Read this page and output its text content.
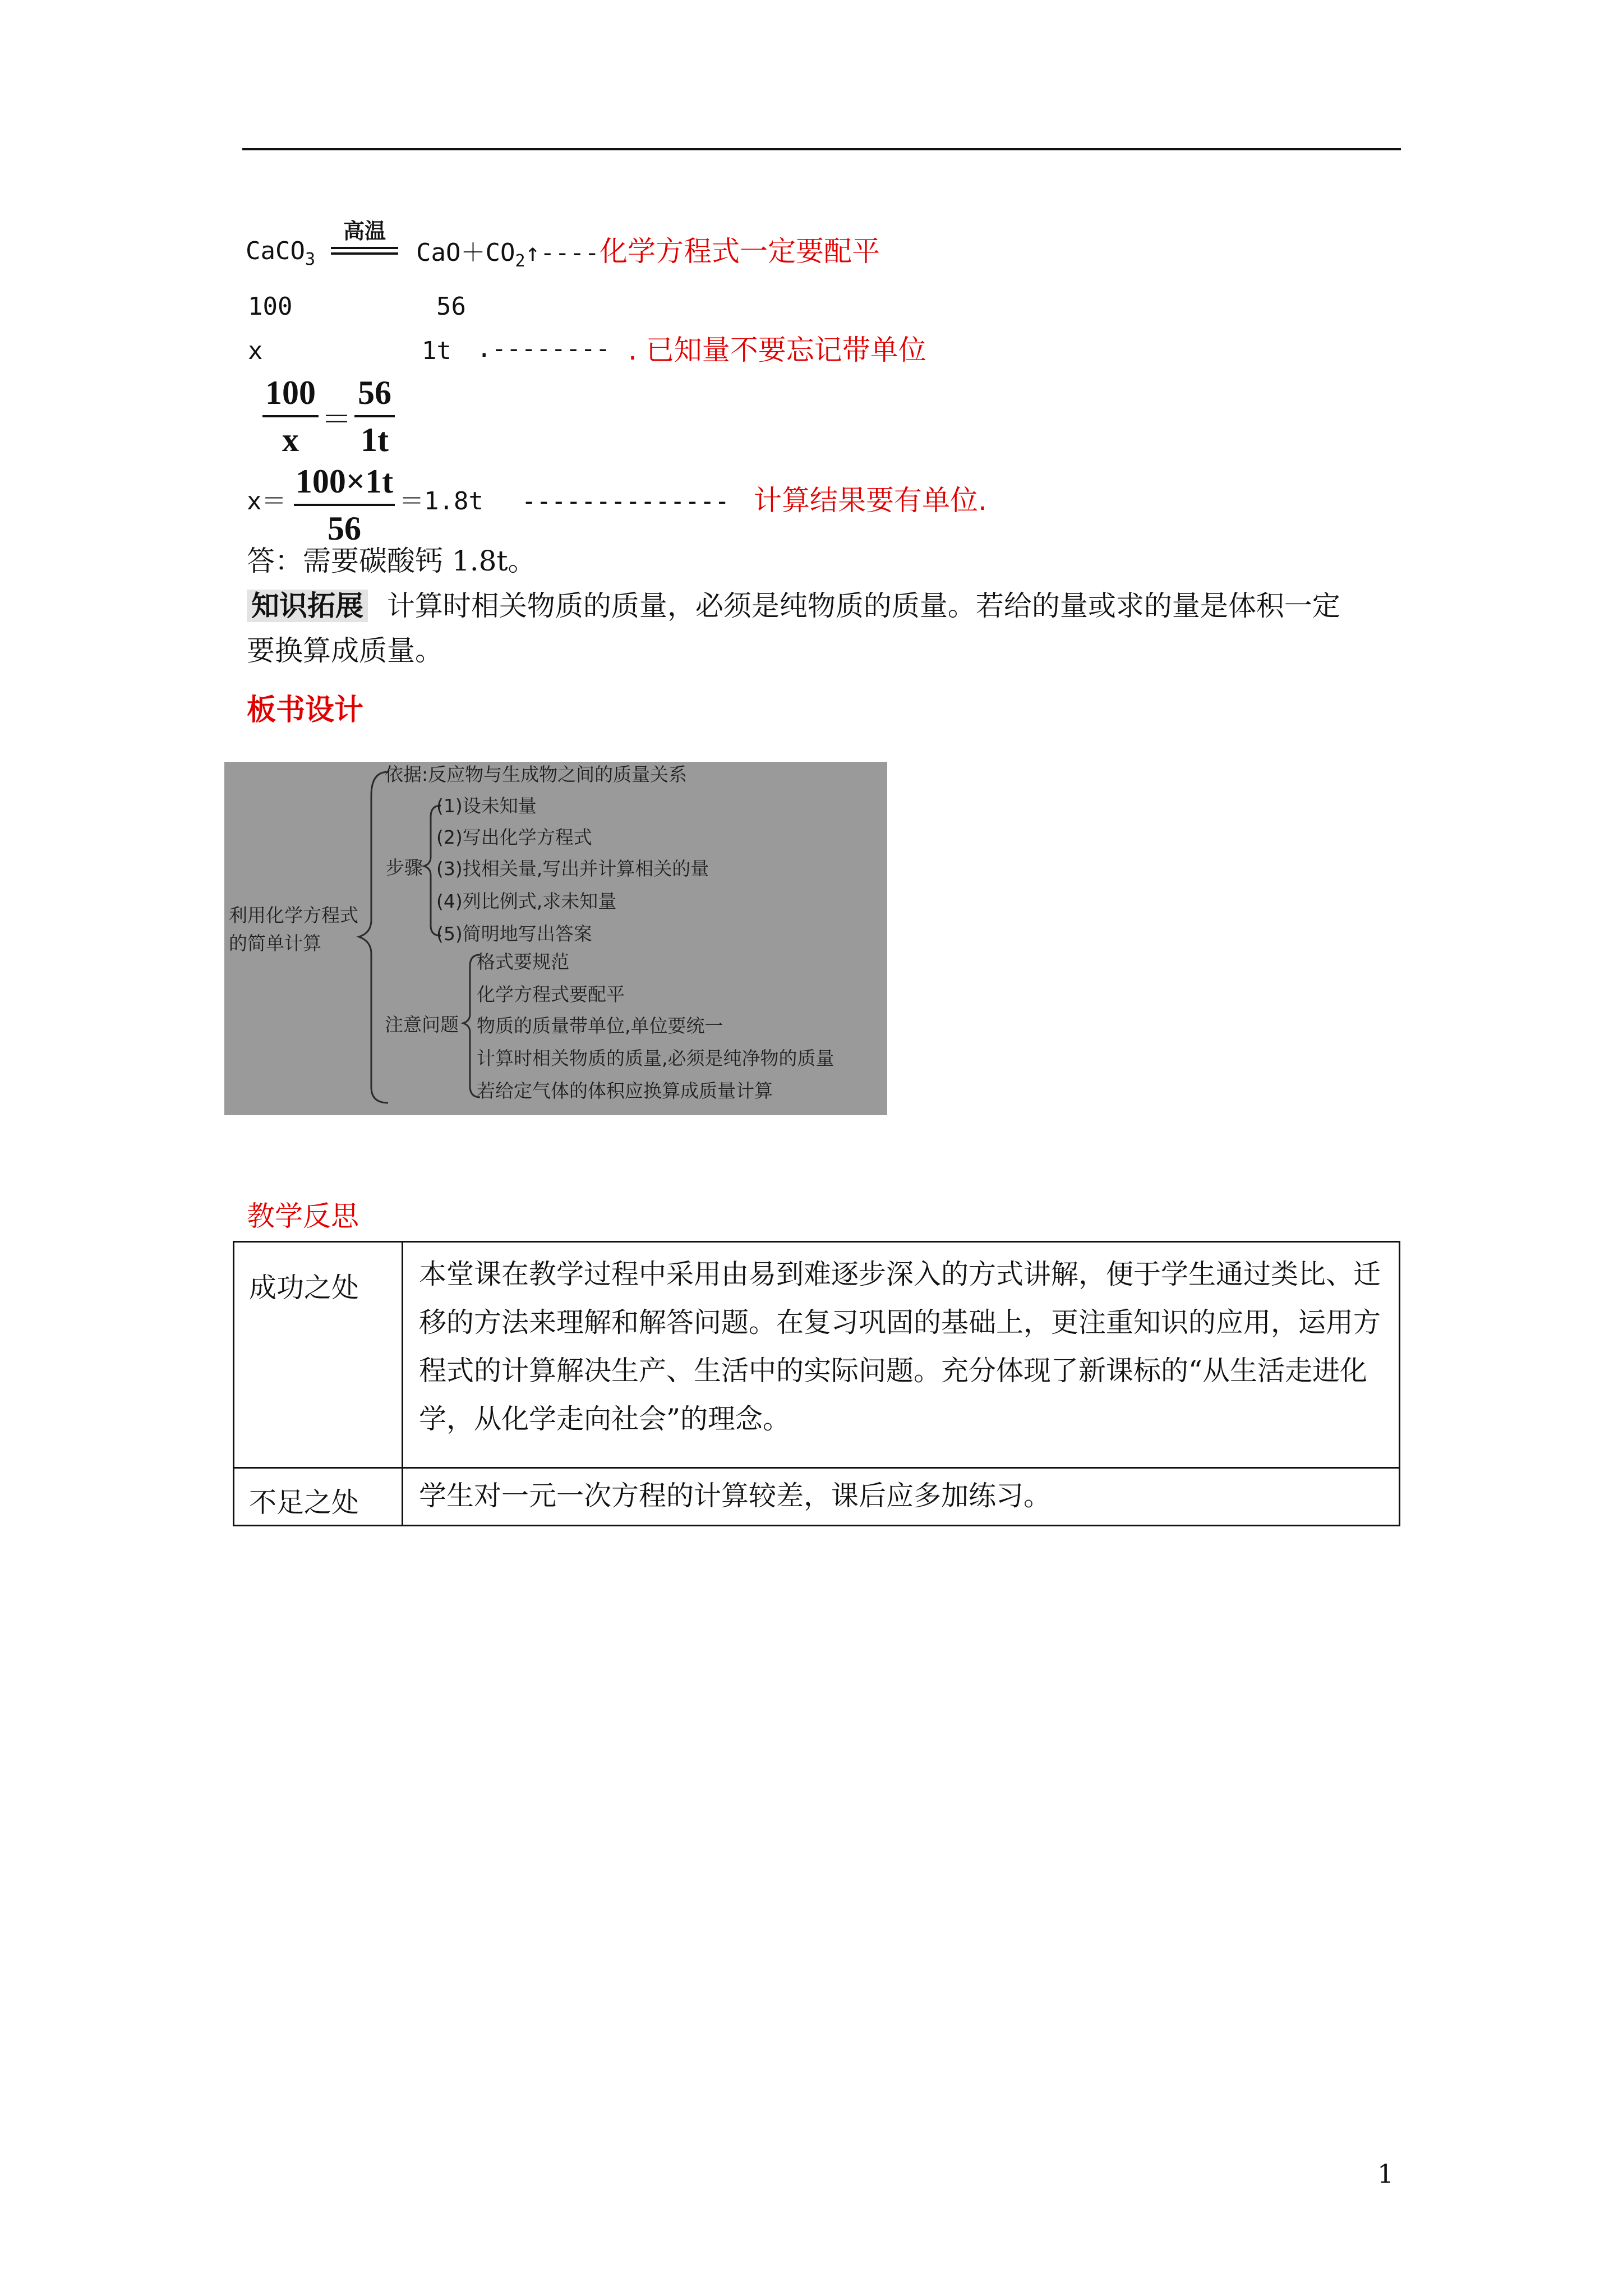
CaCO$_3$
高温
$CaO+CO_2↑----$化学方程式一定要配平
100	56
x	1t .-------- . 已知量不要忘记带单位
100
x
＝
56
1t
x＝
100×1t
56
＝1.8t -------------- 计算结果要有单位.
答：需要碳酸钙 1.8t。
知识拓展 计算时相关物质的质量，必须是纯物质的质量。若给的量或求的量是体积一定
要换算成质量。
板书设计
利用化学方程式
的简单计算
依据:反应物与生成物之间的质量关系
步骤
(1)设未知量
(2)写出化学方程式
(3)找相关量,写出并计算相关的量
(4)列比例式,求未知量
(5)简明地写出答案
注意问题
格式要规范
化学方程式要配平
物质的质量带单位,单位要统一
计算时相关物质的质量,必须是纯净物的质量
若给定气体的体积应换算成质量计算
教学反思
成功之处	本堂课在教学过程中采用由易到难逐步深入的方式讲解，便于学生通过类比、迁移的方法来理解和解答问题。在复习巩固的基础上，更注重知识的应用，运用方程式的计算解决生产、生活中的实际问题。充分体现了新课标的“从生活走进化学，从化学走向社会”的理念。
不足之处	学生对一元一次方程的计算较差，课后应多加练习。
1
